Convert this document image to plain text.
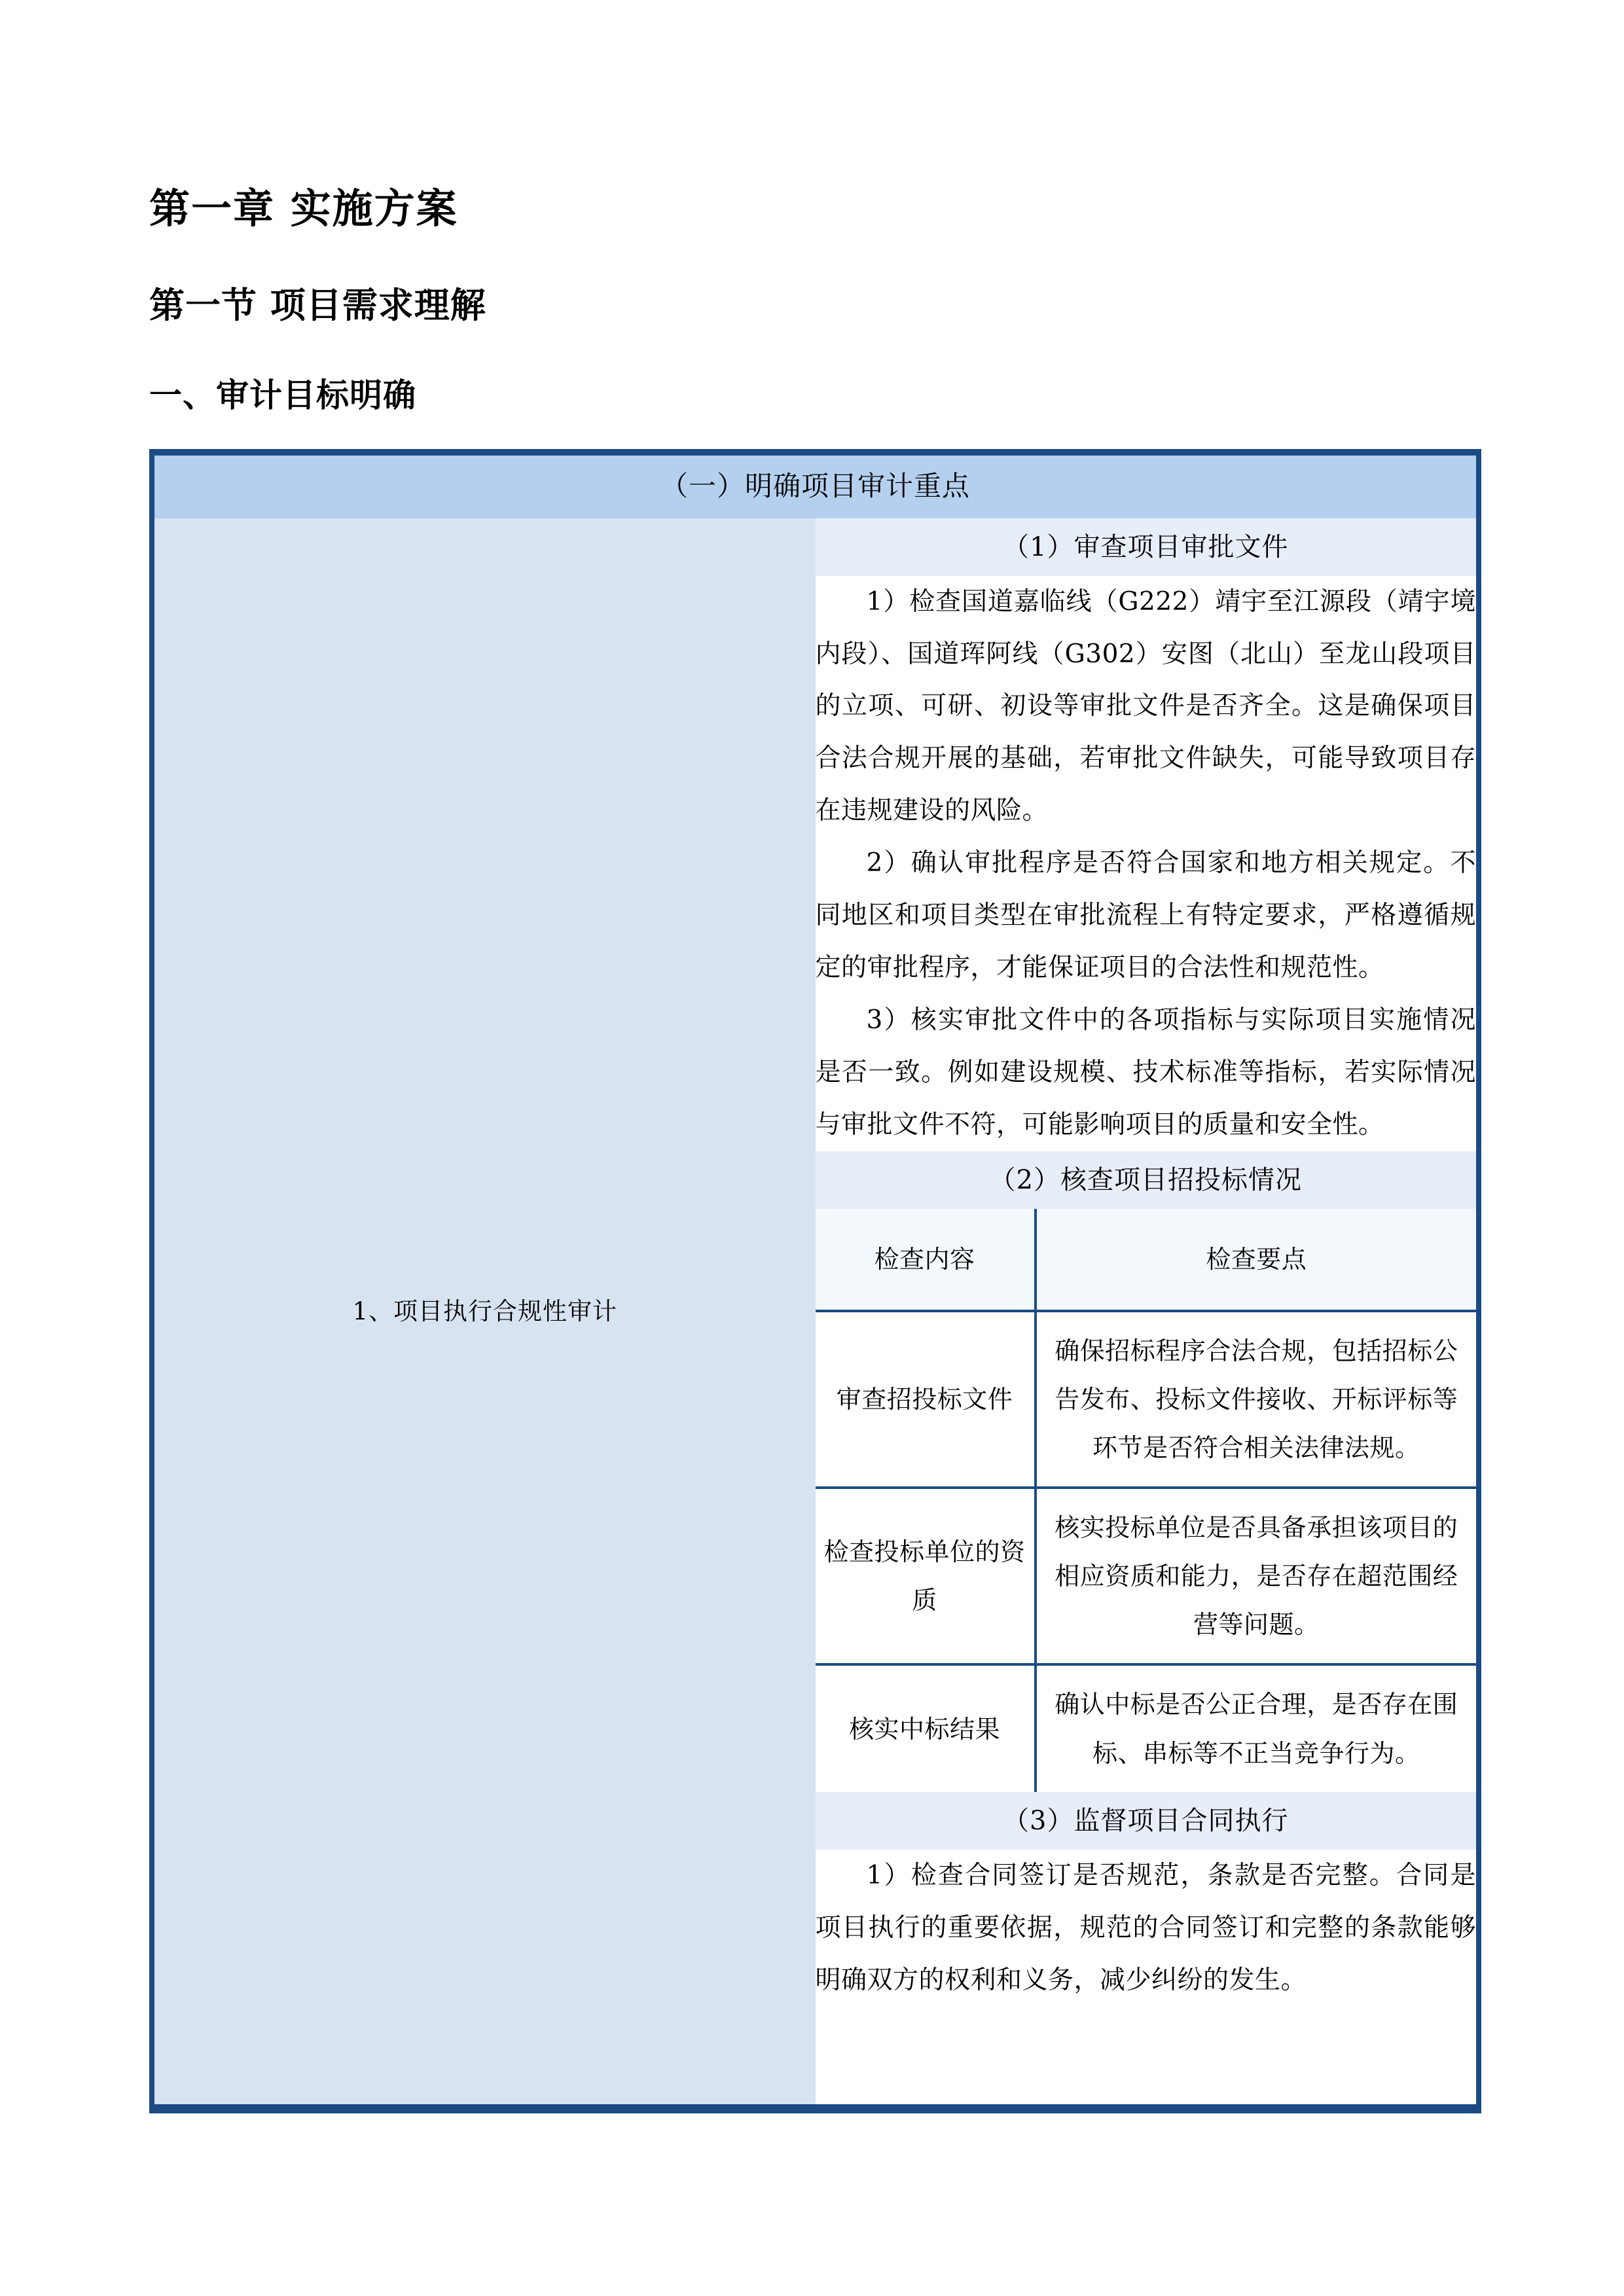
第一章 实施方案
第一节 项目需求理解
一、审计目标明确
（一）明确项目审计重点
1、项目执行合规性审计	（1）审查项目审批文件

1）检查国道嘉临线（G222）靖宇至江源段（靖宇境内段）、国道珲阿线（G302）安图（北山）至龙山段项目的立项、可研、初设等审批文件是否齐全。这是确保项目合法合规开展的基础，若审批文件缺失，可能导致项目存在违规建设的风险。

2）确认审批程序是否符合国家和地方相关规定。不同地区和项目类型在审批流程上有特定要求，严格遵循规定的审批程序，才能保证项目的合法性和规范性。

3）核实审批文件中的各项指标与实际项目实施情况是否一致。例如建设规模、技术标准等指标，若实际情况与审批文件不符，可能影响项目的质量和安全性。

（2）核查项目招投标情况

检查内容	检查要点
审查招投标文件	确保招标程序合法合规，包括招标公告发布、投标文件接收、开标评标等环节是否符合相关法律法规。
检查投标单位的资质	核实投标单位是否具备承担该项目的相应资质和能力，是否存在超范围经营等问题。
核实中标结果	确认中标是否公正合理，是否存在围标、串标等不正当竞争行为。

（3）监督项目合同执行

1）检查合同签订是否规范，条款是否完整。合同是项目执行的重要依据，规范的合同签订和完整的条款能够明确双方的权利和义务，减少纠纷的发生。
